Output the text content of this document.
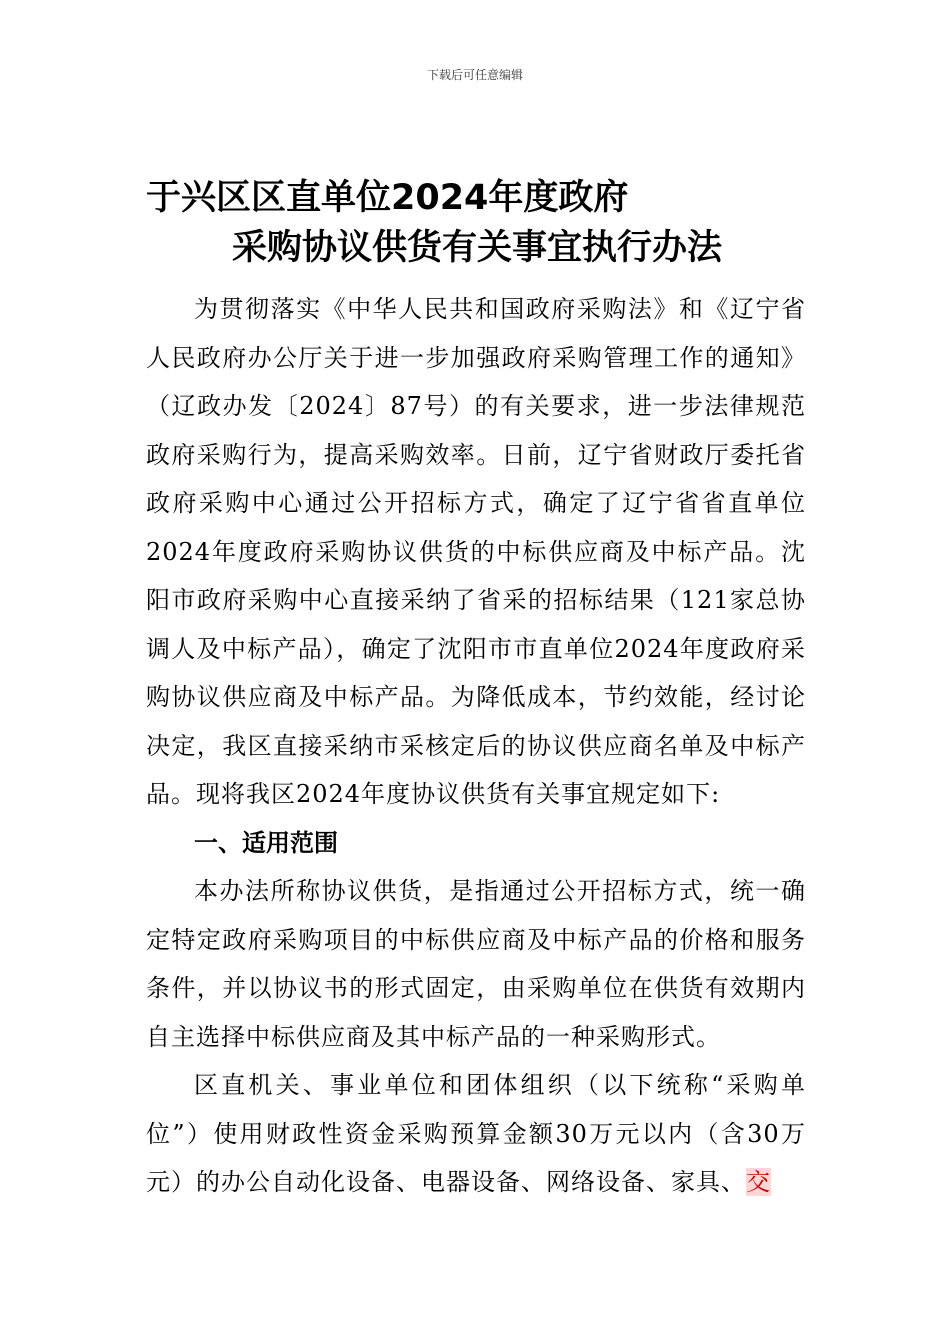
下载后可任意编辑
于兴区区直单位2024年度政府
采购协议供货有关事宜执行办法

为贯彻落实《中华人民共和国政府采购法》和《辽宁省人民政府办公厅关于进一步加强政府采购管理工作的通知》（辽政办发〔2024〕87号）的有关要求，进一步法律规范政府采购行为，提高采购效率。日前，辽宁省财政厅委托省政府采购中心通过公开招标方式，确定了辽宁省省直单位2024年度政府采购协议供货的中标供应商及中标产品。沈阳市政府采购中心直接采纳了省采的招标结果（121家总协调人及中标产品），确定了沈阳市市直单位2024年度政府采购协议供应商及中标产品。为降低成本，节约效能，经讨论决定，我区直接采纳市采核定后的协议供应商名单及中标产品。现将我区2024年度协议供货有关事宜规定如下:

一、适用范围

本办法所称协议供货，是指通过公开招标方式，统一确定特定政府采购项目的中标供应商及中标产品的价格和服务条件，并以协议书的形式固定，由采购单位在供货有效期内自主选择中标供应商及其中标产品的一种采购形式。

区直机关、事业单位和团体组织（以下统称“采购单位”）使用财政性资金采购预算金额30万元以内（含30万元）的办公自动化设备、电器设备、网络设备、家具、交
